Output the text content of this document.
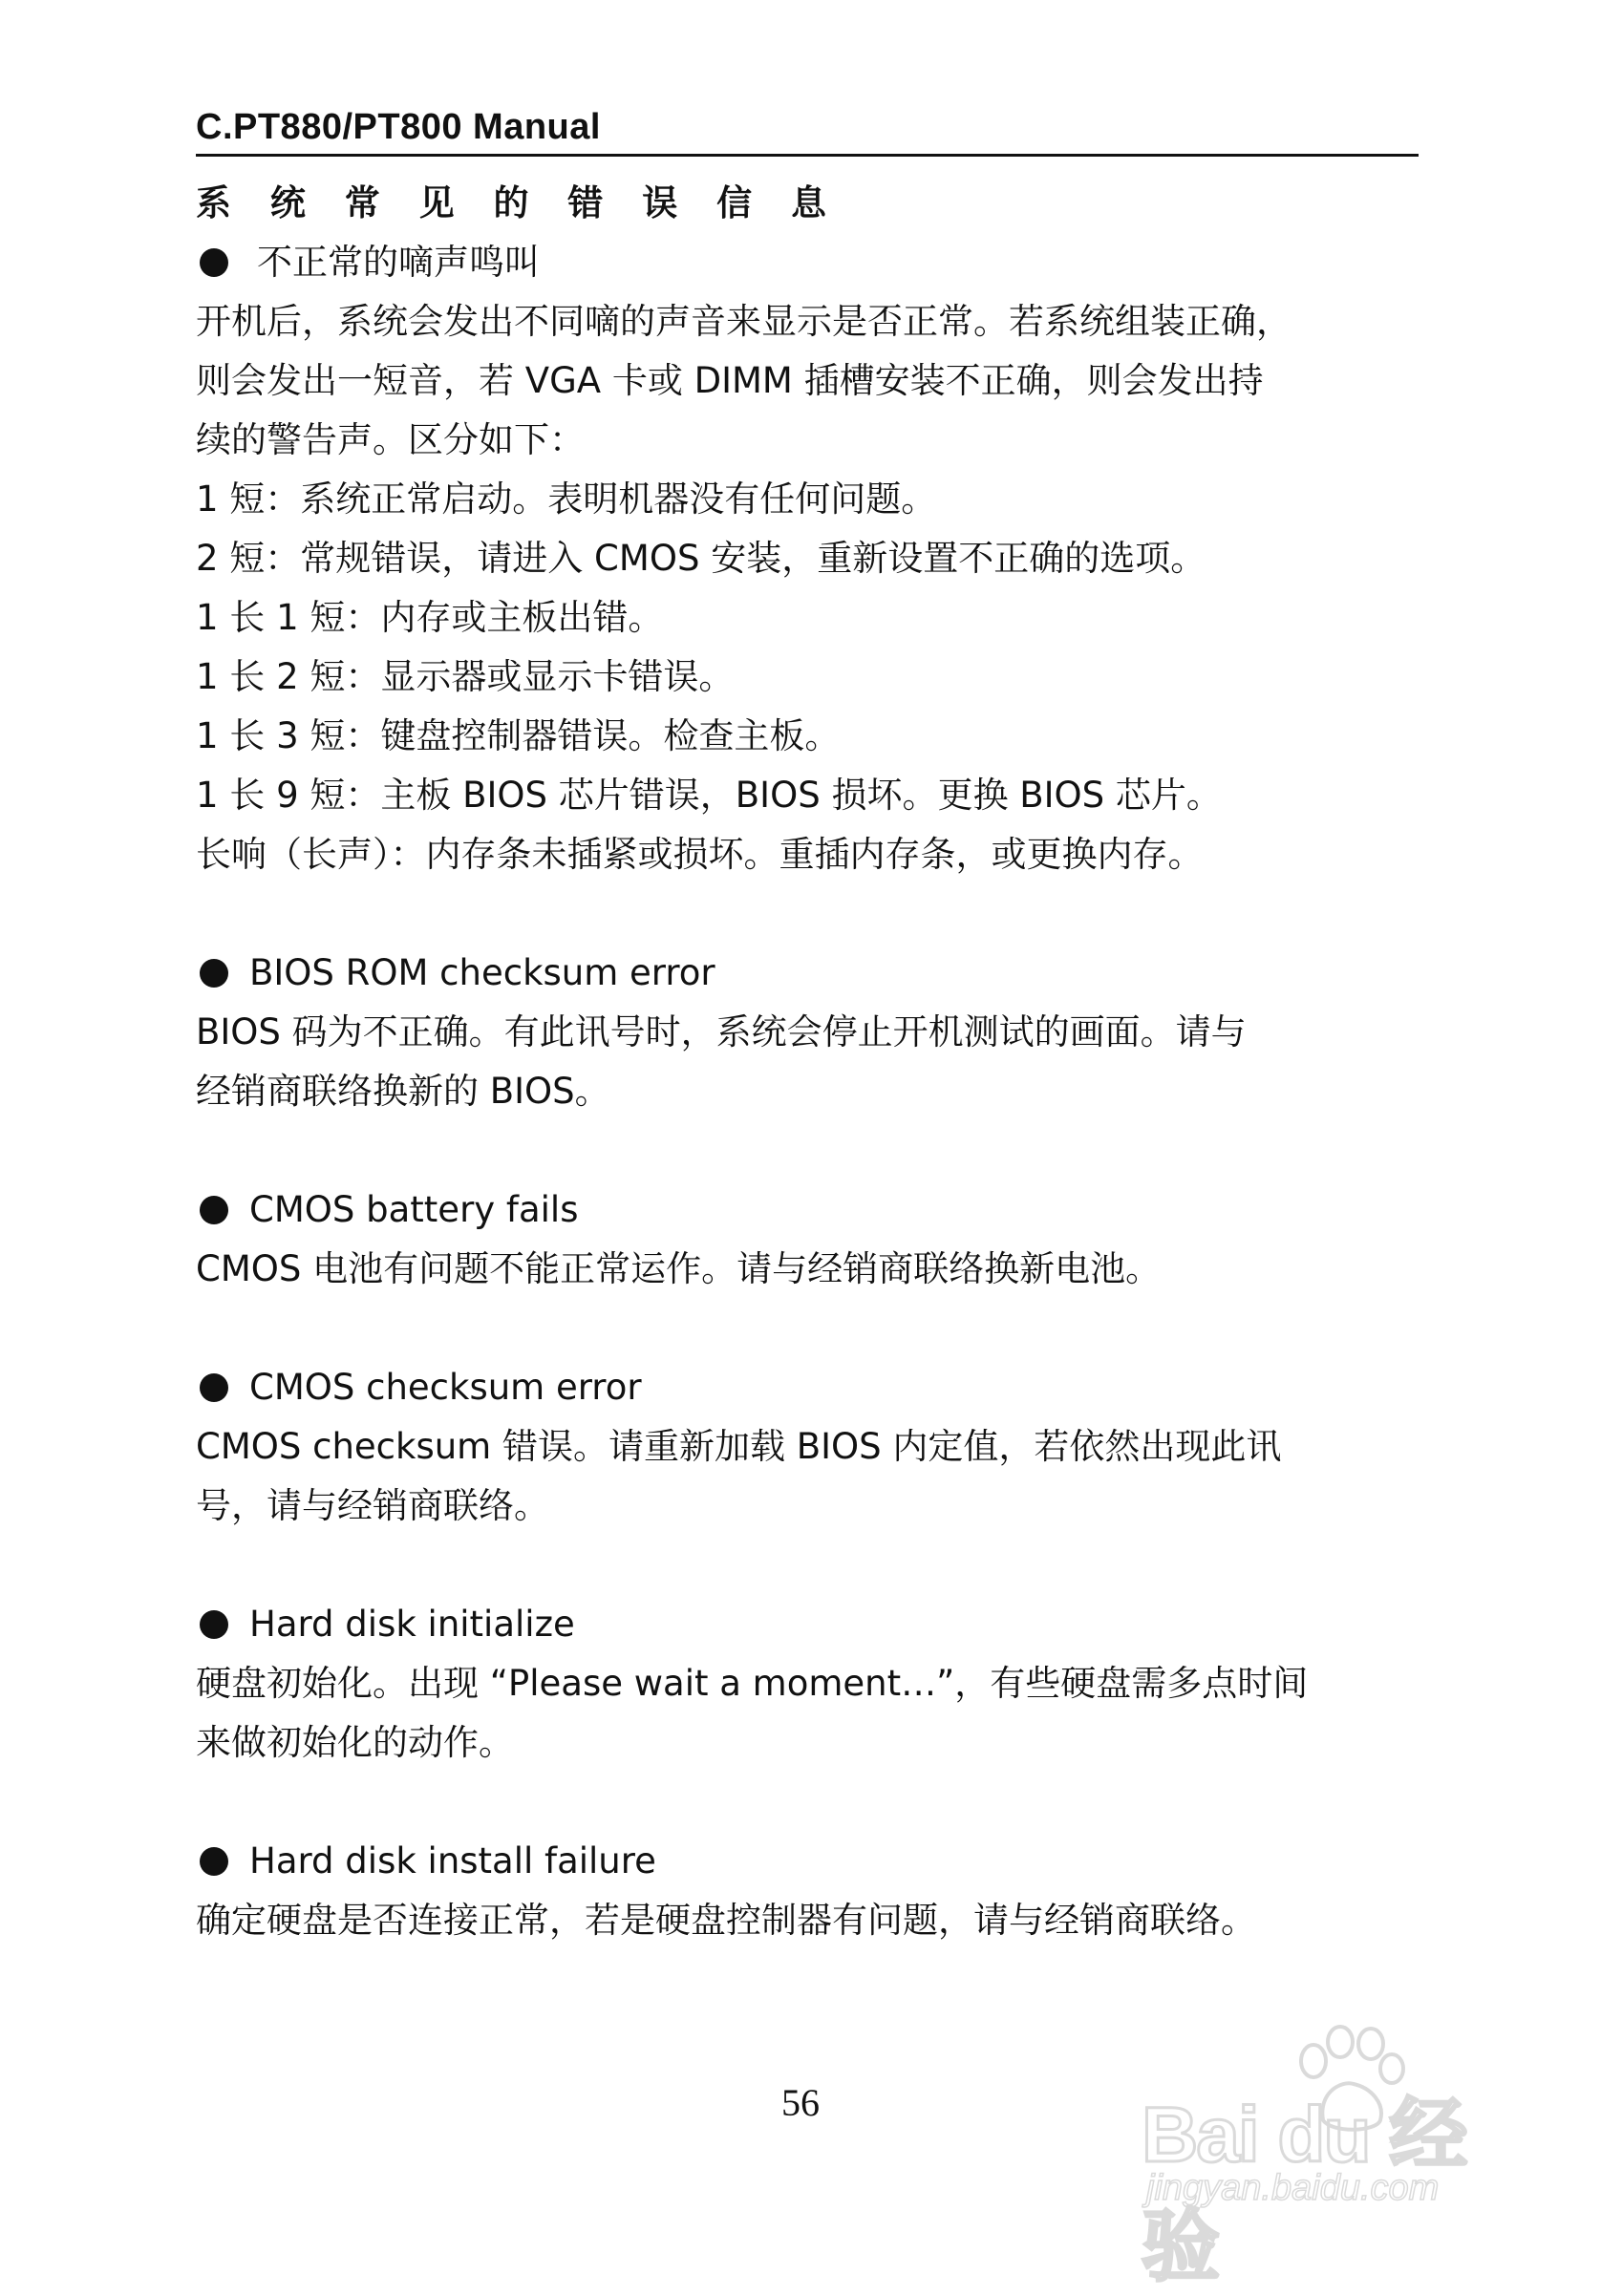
C.PT880/PT800 Manual
系 统 常 见 的 错 误 信 息
不正常的嘀声鸣叫
开机后，系统会发出不同嘀的声音来显示是否正常。若系统组装正确，
则会发出一短音，若 VGA 卡或 DIMM 插槽安装不正确，则会发出持
续的警告声。区分如下：
1 短：系统正常启动。表明机器没有任何问题。
2 短：常规错误，请进入 CMOS 安装，重新设置不正确的选项。
1 长 1 短：内存或主板出错。
1 长 2 短：显示器或显示卡错误。
1 长 3 短：键盘控制器错误。检查主板。
1 长 9 短：主板 BIOS 芯片错误，BIOS 损坏。更换 BIOS 芯片。
长响（长声）：内存条未插紧或损坏。重插内存条，或更换内存。
BIOS ROM checksum error
BIOS 码为不正确。有此讯号时，系统会停止开机测试的画面。请与
经销商联络换新的 BIOS。
CMOS battery fails
CMOS 电池有问题不能正常运作。请与经销商联络换新电池。
CMOS checksum error
CMOS checksum 错误。请重新加载 BIOS 内定值，若依然出现此讯
号，请与经销商联络。
Hard disk initialize
硬盘初始化。出现 “Please wait a moment…”，有些硬盘需多点时间
来做初始化的动作。
Hard disk install failure
确定硬盘是否连接正常，若是硬盘控制器有问题，请与经销商联络。
56	Bai du 经验
jingyan.baidu.com
